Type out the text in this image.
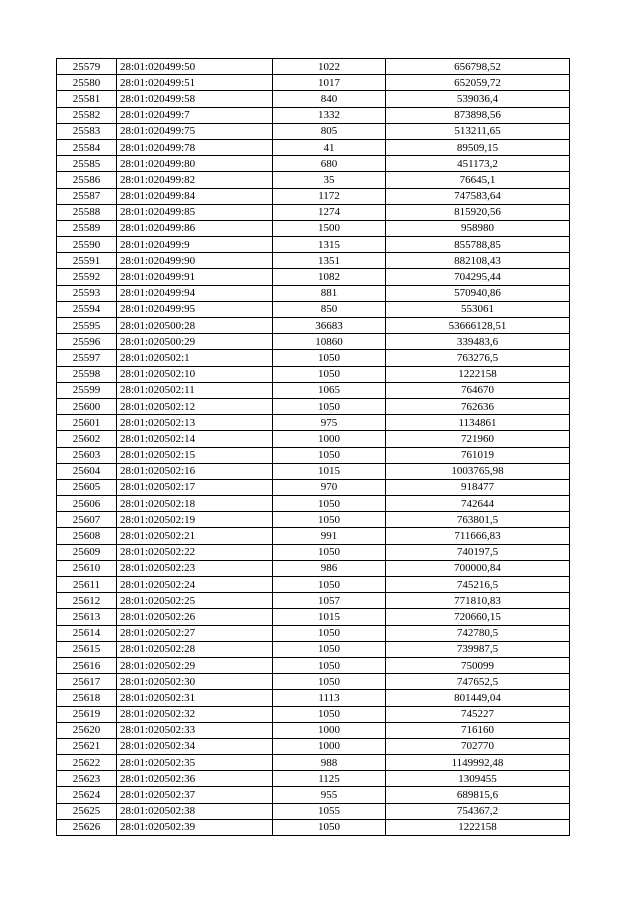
25579	28:01:020499:50	1022	656798,52
25580	28:01:020499:51	1017	652059,72
25581	28:01:020499:58	840	539036,4
25582	28:01:020499:7	1332	873898,56
25583	28:01:020499:75	805	513211,65
25584	28:01:020499:78	41	89509,15
25585	28:01:020499:80	680	451173,2
25586	28:01:020499:82	35	76645,1
25587	28:01:020499:84	1172	747583,64
25588	28:01:020499:85	1274	815920,56
25589	28:01:020499:86	1500	958980
25590	28:01:020499:9	1315	855788,85
25591	28:01:020499:90	1351	882108,43
25592	28:01:020499:91	1082	704295,44
25593	28:01:020499:94	881	570940,86
25594	28:01:020499:95	850	553061
25595	28:01:020500:28	36683	53666128,51
25596	28:01:020500:29	10860	339483,6
25597	28:01:020502:1	1050	763276,5
25598	28:01:020502:10	1050	1222158
25599	28:01:020502:11	1065	764670
25600	28:01:020502:12	1050	762636
25601	28:01:020502:13	975	1134861
25602	28:01:020502:14	1000	721960
25603	28:01:020502:15	1050	761019
25604	28:01:020502:16	1015	1003765,98
25605	28:01:020502:17	970	918477
25606	28:01:020502:18	1050	742644
25607	28:01:020502:19	1050	763801,5
25608	28:01:020502:21	991	711666,83
25609	28:01:020502:22	1050	740197,5
25610	28:01:020502:23	986	700000,84
25611	28:01:020502:24	1050	745216,5
25612	28:01:020502:25	1057	771810,83
25613	28:01:020502:26	1015	720660,15
25614	28:01:020502:27	1050	742780,5
25615	28:01:020502:28	1050	739987,5
25616	28:01:020502:29	1050	750099
25617	28:01:020502:30	1050	747652,5
25618	28:01:020502:31	1113	801449,04
25619	28:01:020502:32	1050	745227
25620	28:01:020502:33	1000	716160
25621	28:01:020502:34	1000	702770
25622	28:01:020502:35	988	1149992,48
25623	28:01:020502:36	1125	1309455
25624	28:01:020502:37	955	689815,6
25625	28:01:020502:38	1055	754367,2
25626	28:01:020502:39	1050	1222158
